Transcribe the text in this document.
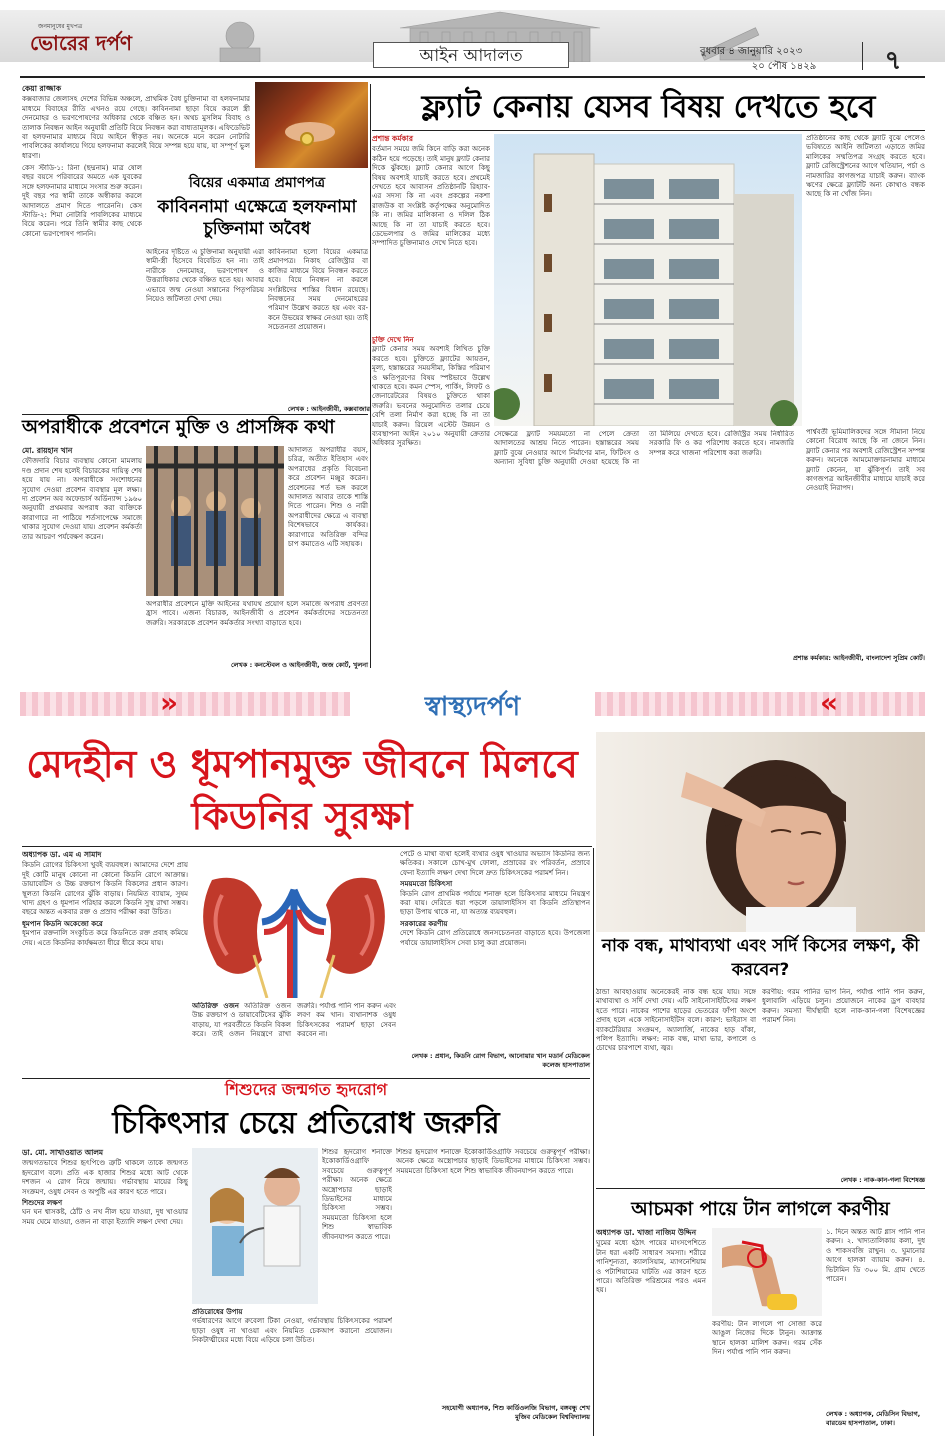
জনমানুষের মুখপত্র
ভোরের দর্পণ
আইন আদালত	বুধবার ৪ জানুয়ারি ২০২৩
২০ পৌষ ১৪২৯	৭
কেয়া রাজ্জাক
কক্সবাজার জেলাসহ দেশের বিভিন্ন অঞ্চলে, প্রাথমিক বৈধ চুক্তিনামা বা হলফনামার মাধ্যমে বিবাহের রীতি এখনও রয়ে গেছে। কাবিননামা ছাড়া বিয়ে করলে স্ত্রী দেনমোহর ও ভরণপোষণের অধিকার থেকে বঞ্চিত হন। অথচ মুসলিম বিবাহ ও তালাক নিবন্ধন আইন অনুযায়ী প্রতিটি বিয়ে নিবন্ধন করা বাধ্যতামূলক। এফিডেভিট বা হলফনামার মাধ্যমে বিয়ে আইনে স্বীকৃত নয়। অনেকে মনে করেন নোটারি পাবলিকের কার্যালয়ে গিয়ে হলফনামা করলেই বিয়ে সম্পন্ন হয়ে যায়, যা সম্পূর্ণ ভুল ধারণা।
কেস স্টাডি-১: রিনা (ছদ্মনাম) মাত্র ষোল বছর বয়সে পরিবারের অমতে এক যুবকের সঙ্গে হলফনামার মাধ্যমে সংসার শুরু করেন। দুই বছর পর স্বামী তাকে অস্বীকার করলে আদালতে প্রমাণ দিতে পারেননি। কেস স্টাডি-২: শিমা নোটারি পাবলিকের মাধ্যমে বিয়ে করেন। পরে তিনি স্বামীর কাছ থেকে কোনো ভরণপোষণ পাননি।
বিয়ের একমাত্র প্রমাণপত্র
কাবিননামা এক্ষেত্রে হলফনামা চুক্তিনামা অবৈধ
আইনের দৃষ্টিতে এ চুক্তিনামা অনুযায়ী এরা স্বামী-স্ত্রী হিসেবে বিবেচিত হন না। তাই নারীকে দেনমোহর, ভরণপোষণ ও উত্তরাধিকার থেকে বঞ্চিত হতে হয়। আবার এভাবে জন্ম নেওয়া সন্তানের পিতৃপরিচয় নিয়েও জটিলতা দেখা দেয়।
কাবিননামা হলো বিয়ের একমাত্র প্রমাণপত্র। নিকাহ রেজিস্ট্রার বা কাজির মাধ্যমে বিয়ে নিবন্ধন করতে হবে। বিয়ে নিবন্ধন না করলে সংশ্লিষ্টদের শাস্তির বিধান রয়েছে। নিবন্ধনের সময় দেনমোহরের পরিমাণ উল্লেখ করতে হয় এবং বর-কনে উভয়ের স্বাক্ষর নেওয়া হয়। তাই সচেতনতা প্রয়োজন।
লেখক : আইনজীবী, কক্সবাজার
ফ্ল্যাট কেনায় যেসব বিষয় দেখতে হবে
প্রশান্ত কর্মকার
বর্তমান সময়ে জমি কিনে বাড়ি করা অনেক কঠিন হয়ে পড়েছে। তাই মানুষ ফ্ল্যাট কেনার দিকে ঝুঁকছে। ফ্ল্যাট কেনার আগে কিছু বিষয় অবশ্যই যাচাই করতে হবে। প্রথমেই দেখতে হবে আবাসন প্রতিষ্ঠানটি রিহ্যাব-এর সদস্য কি না এবং প্রকল্পের নকশা রাজউক বা সংশ্লিষ্ট কর্তৃপক্ষের অনুমোদিত কি না। জমির মালিকানা ও দলিল ঠিক আছে কি না তা যাচাই করতে হবে। ডেভেলপার ও জমির মালিকের মধ্যে সম্পাদিত চুক্তিনামাও দেখে নিতে হবে।
চুক্তি দেখে নিন
ফ্ল্যাট কেনার সময় অবশ্যই লিখিত চুক্তি করতে হবে। চুক্তিতে ফ্ল্যাটের আয়তন, মূল্য, হস্তান্তরের সময়সীমা, কিস্তির পরিমাণ ও ক্ষতিপূরণের বিষয় স্পষ্টভাবে উল্লেখ থাকতে হবে। কমন স্পেস, পার্কিং, লিফট ও জেনারেটরের বিষয়ও চুক্তিতে থাকা জরুরি। ভবনের অনুমোদিত তলার চেয়ে বেশি তলা নির্মাণ করা হচ্ছে কি না তা যাচাই করুন। রিয়েল এস্টেট উন্নয়ন ও ব্যবস্থাপনা আইন ২০১০ অনুযায়ী ক্রেতার অধিকার সুরক্ষিত।
সেক্ষেত্রে ফ্ল্যাট সময়মতো না পেলে ক্রেতা আদালতের আশ্রয় নিতে পারেন। হস্তান্তরের সময় ফ্ল্যাট বুঝে নেওয়ার আগে নির্মাণের মান, ফিটিংস ও অন্যান্য সুবিধা চুক্তি অনুযায়ী দেওয়া হয়েছে কি না তা মিলিয়ে দেখতে হবে। রেজিস্ট্রির সময় নির্ধারিত সরকারি ফি ও কর পরিশোধ করতে হবে। নামজারি সম্পন্ন করে খাজনা পরিশোধ করা জরুরি।
প্রতিষ্ঠানের কাছ থেকে ফ্ল্যাট বুঝে পেলেও ভবিষ্যতে আইনি জটিলতা এড়াতে জমির মালিকের সম্মতিপত্র সংগ্রহ করতে হবে। ফ্ল্যাট রেজিস্ট্রেশনের আগে খতিয়ান, পর্চা ও নামজারির কাগজপত্র যাচাই করুন। ব্যাংক ঋণের ক্ষেত্রে ফ্ল্যাটটি অন্য কোথাও বন্ধক আছে কি না খোঁজ নিন।
পার্শ্ববর্তী ভূমিমালিকদের সঙ্গে সীমানা নিয়ে কোনো বিরোধ আছে কি না জেনে নিন। ফ্ল্যাট কেনার পর অবশ্যই রেজিস্ট্রেশন সম্পন্ন করুন। অনেকে আমমোক্তারনামার মাধ্যমে ফ্ল্যাট কেনেন, যা ঝুঁকিপূর্ণ। তাই সব কাগজপত্র আইনজীবীর মাধ্যমে যাচাই করে নেওয়াই নিরাপদ।
প্রশান্ত কর্মকার: আইনজীবী, বাংলাদেশ সুপ্রিম কোর্ট।
অপরাধীকে প্রবেশনে মুক্তি ও প্রাসঙ্গিক কথা
মো. রায়হান খান
ফৌজদারি বিচার ব্যবস্থায় কোনো মামলায় দণ্ড প্রদান শেষ হলেই বিচারকের দায়িত্ব শেষ হয়ে যায় না। অপরাধীকে সংশোধনের সুযোগ দেওয়া প্রবেশন ব্যবস্থার মূল লক্ষ্য। দ্য প্রবেশন অব অফেন্ডার্স অর্ডিন্যান্স ১৯৬০ অনুযায়ী প্রথমবার অপরাধ করা ব্যক্তিকে কারাগারে না পাঠিয়ে শর্তসাপেক্ষে সমাজে থাকার সুযোগ দেওয়া যায়। প্রবেশন কর্মকর্তা তার আচরণ পর্যবেক্ষণ করেন।
আদালত অপরাধীর বয়স, চরিত্র, অতীত ইতিহাস এবং অপরাধের প্রকৃতি বিবেচনা করে প্রবেশন মঞ্জুর করেন। প্রবেশনের শর্ত ভঙ্গ করলে আদালত আবার তাকে শাস্তি দিতে পারেন। শিশু ও নারী অপরাধীদের ক্ষেত্রে এ ব্যবস্থা বিশেষভাবে কার্যকর। কারাগারে অতিরিক্ত বন্দির চাপ কমাতেও এটি সহায়ক।
অপরাধীর প্রবেশনে মুক্তি আইনের যথাযথ প্রয়োগ হলে সমাজে অপরাধ প্রবণতা হ্রাস পাবে। এজন্য বিচারক, আইনজীবী ও প্রবেশন কর্মকর্তাদের সচেতনতা জরুরি। সরকারকে প্রবেশন কর্মকর্তার সংখ্যা বাড়াতে হবে।
লেখক : কনস্টেবল ও আইনজীবী, জজ কোর্ট, খুলনা
»	«
স্বাস্থ্যদর্পণ
মেদহীন ও ধূমপানমুক্ত জীবনে মিলবে কিডনির সুরক্ষা
অধ্যাপক ডা. এম এ সামাদ
কিডনি রোগের চিকিৎসা খুবই ব্যয়বহুল। আমাদের দেশে প্রায় দুই কোটি মানুষ কোনো না কোনো কিডনি রোগে আক্রান্ত। ডায়াবেটিস ও উচ্চ রক্তচাপ কিডনি বিকলের প্রধান কারণ। স্থূলতা কিডনি রোগের ঝুঁকি বাড়ায়। নিয়মিত ব্যায়াম, সুষম খাদ্য গ্রহণ ও ধূমপান পরিহার করলে কিডনি সুস্থ রাখা সম্ভব। বছরে অন্তত একবার রক্ত ও প্রস্রাব পরীক্ষা করা উচিত।
ধূমপান কিডনি অকেজো করে
ধূমপান রক্তনালি সংকুচিত করে কিডনিতে রক্ত প্রবাহ কমিয়ে দেয়। এতে কিডনির কার্যক্ষমতা ধীরে ধীরে কমে যায়।
অতিরিক্ত ওজন অতিরিক্ত ওজন উচ্চ রক্তচাপ ও ডায়াবেটিসের ঝুঁকি বাড়ায়, যা পরবর্তীতে কিডনি বিকল করে। তাই ওজন নিয়ন্ত্রণে রাখা জরুরি। পর্যাপ্ত পানি পান করুন এবং লবণ কম খান। ব্যথানাশক ওষুধ চিকিৎসকের পরামর্শ ছাড়া সেবন করবেন না।
পেটে ও মাথা ব্যথা হলেই ব্যথার ওষুধ খাওয়ার অভ্যাস কিডনির জন্য ক্ষতিকর। সকালে চোখ-মুখ ফোলা, প্রস্রাবের রং পরিবর্তন, প্রস্রাবে ফেনা ইত্যাদি লক্ষণ দেখা দিলে দ্রুত চিকিৎসকের পরামর্শ নিন।
সময়মতো চিকিৎসা
কিডনি রোগ প্রাথমিক পর্যায়ে শনাক্ত হলে চিকিৎসার মাধ্যমে নিয়ন্ত্রণ করা যায়। দেরিতে ধরা পড়লে ডায়ালাইসিস বা কিডনি প্রতিস্থাপন ছাড়া উপায় থাকে না, যা অত্যন্ত ব্যয়বহুল।
সরকারের করণীয়
দেশে কিডনি রোগ প্রতিরোধে জনসচেতনতা বাড়াতে হবে। উপজেলা পর্যায়ে ডায়ালাইসিস সেবা চালু করা প্রয়োজন।
লেখক : প্রধান, কিডনি রোগ বিভাগ, আনোয়ার খান মডার্ন মেডিকেল কলেজ হাসপাতাল
নাক বন্ধ, মাথাব্যথা এবং সর্দি কিসের লক্ষণ, কী করবেন?
ঠান্ডা আবহাওয়ায় অনেকেরই নাক বন্ধ হয়ে যায়। সঙ্গে মাথাব্যথা ও সর্দি দেখা দেয়। এটি সাইনোসাইটিসের লক্ষণ হতে পারে। নাকের পাশের হাড়ের ভেতরের ফাঁপা অংশে প্রদাহ হলে একে সাইনোসাইটিস বলে। কারণ: ভাইরাস বা ব্যাকটেরিয়ার সংক্রমণ, অ্যালার্জি, নাকের হাড় বাঁকা, পলিপ ইত্যাদি। লক্ষণ: নাক বন্ধ, মাথা ভার, কপালে ও চোখের চারপাশে ব্যথা, জ্বর।
করণীয়: গরম পানির ভাপ নিন, পর্যাপ্ত পানি পান করুন, ধুলাবালি এড়িয়ে চলুন। প্রয়োজনে নাকের ড্রপ ব্যবহার করুন। সমস্যা দীর্ঘস্থায়ী হলে নাক-কান-গলা বিশেষজ্ঞের পরামর্শ নিন।
লেখক : নাক-কান-গলা বিশেষজ্ঞ
শিশুদের জন্মগত হৃদরোগ
চিকিৎসার চেয়ে প্রতিরোধ জরুরি
ডা. মো. সাখাওয়াত আলম
জন্মগতভাবে শিশুর হৃৎপিণ্ডে ত্রুটি থাকলে তাকে জন্মগত হৃদরোগ বলে। প্রতি এক হাজার শিশুর মধ্যে আট থেকে দশজন এ রোগ নিয়ে জন্মায়। গর্ভাবস্থায় মায়ের কিছু সংক্রমণ, ওষুধ সেবন ও অপুষ্টি এর কারণ হতে পারে।
শিশুদের লক্ষণ
ঘন ঘন শ্বাসকষ্ট, ঠোঁট ও নখ নীল হয়ে যাওয়া, দুধ খাওয়ার সময় ঘেমে যাওয়া, ওজন না বাড়া ইত্যাদি লক্ষণ দেখা দেয়।
শিশুর হৃদরোগ শনাক্তে ইকোকার্ডিওগ্রাফি সবচেয়ে গুরুত্বপূর্ণ পরীক্ষা। অনেক ক্ষেত্রে অস্ত্রোপচার ছাড়াই ডিভাইসের মাধ্যমে চিকিৎসা সম্ভব। সময়মতো চিকিৎসা হলে শিশু স্বাভাবিক জীবনযাপন করতে পারে।
প্রতিরোধের উপায়
গর্ভধারণের আগে রুবেলা টিকা নেওয়া, গর্ভাবস্থায় চিকিৎসকের পরামর্শ ছাড়া ওষুধ না খাওয়া এবং নিয়মিত চেকআপ করানো প্রয়োজন। নিকটাত্মীয়ের মধ্যে বিয়ে এড়িয়ে চলা উচিত।
শিশুর হৃদরোগ শনাক্তে ইকোকার্ডিওগ্রাফি সবচেয়ে গুরুত্বপূর্ণ পরীক্ষা। অনেক ক্ষেত্রে অস্ত্রোপচার ছাড়াই ডিভাইসের মাধ্যমে চিকিৎসা সম্ভব। সময়মতো চিকিৎসা হলে শিশু স্বাভাবিক জীবনযাপন করতে পারে।
সহযোগী অধ্যাপক, শিশু কার্ডিওলজি বিভাগ, বঙ্গবন্ধু শেখ মুজিব মেডিকেল বিশ্ববিদ্যালয়
আচমকা পায়ে টান লাগলে করণীয়
অধ্যাপক ডা. খাজা নাজিম উদ্দিন
ঘুমের মধ্যে হঠাৎ পায়ের মাংসপেশিতে টান ধরা একটি সাধারণ সমস্যা। শরীরে পানিশূন্যতা, ক্যালসিয়াম, ম্যাগনেশিয়াম ও পটাশিয়ামের ঘাটতি এর কারণ হতে পারে। অতিরিক্ত পরিশ্রমের পরও এমন হয়।
করণীয়: টান লাগলে পা সোজা করে আঙুল নিজের দিকে টানুন। আক্রান্ত স্থানে হালকা মালিশ করুন। গরম সেঁক দিন। পর্যাপ্ত পানি পান করুন।
১. দিনে অন্তত আট গ্লাস পানি পান করুন। ২. খাদ্যতালিকায় কলা, দুধ ও শাকসবজি রাখুন। ৩. ঘুমানোর আগে হালকা ব্যায়াম করুন। ৪. ভিটামিন ডি ৩০০ মি. গ্রাম খেতে পারেন।
লেখক : অধ্যাপক, মেডিসিন বিভাগ, বারডেম হাসপাতাল, ঢাকা।
